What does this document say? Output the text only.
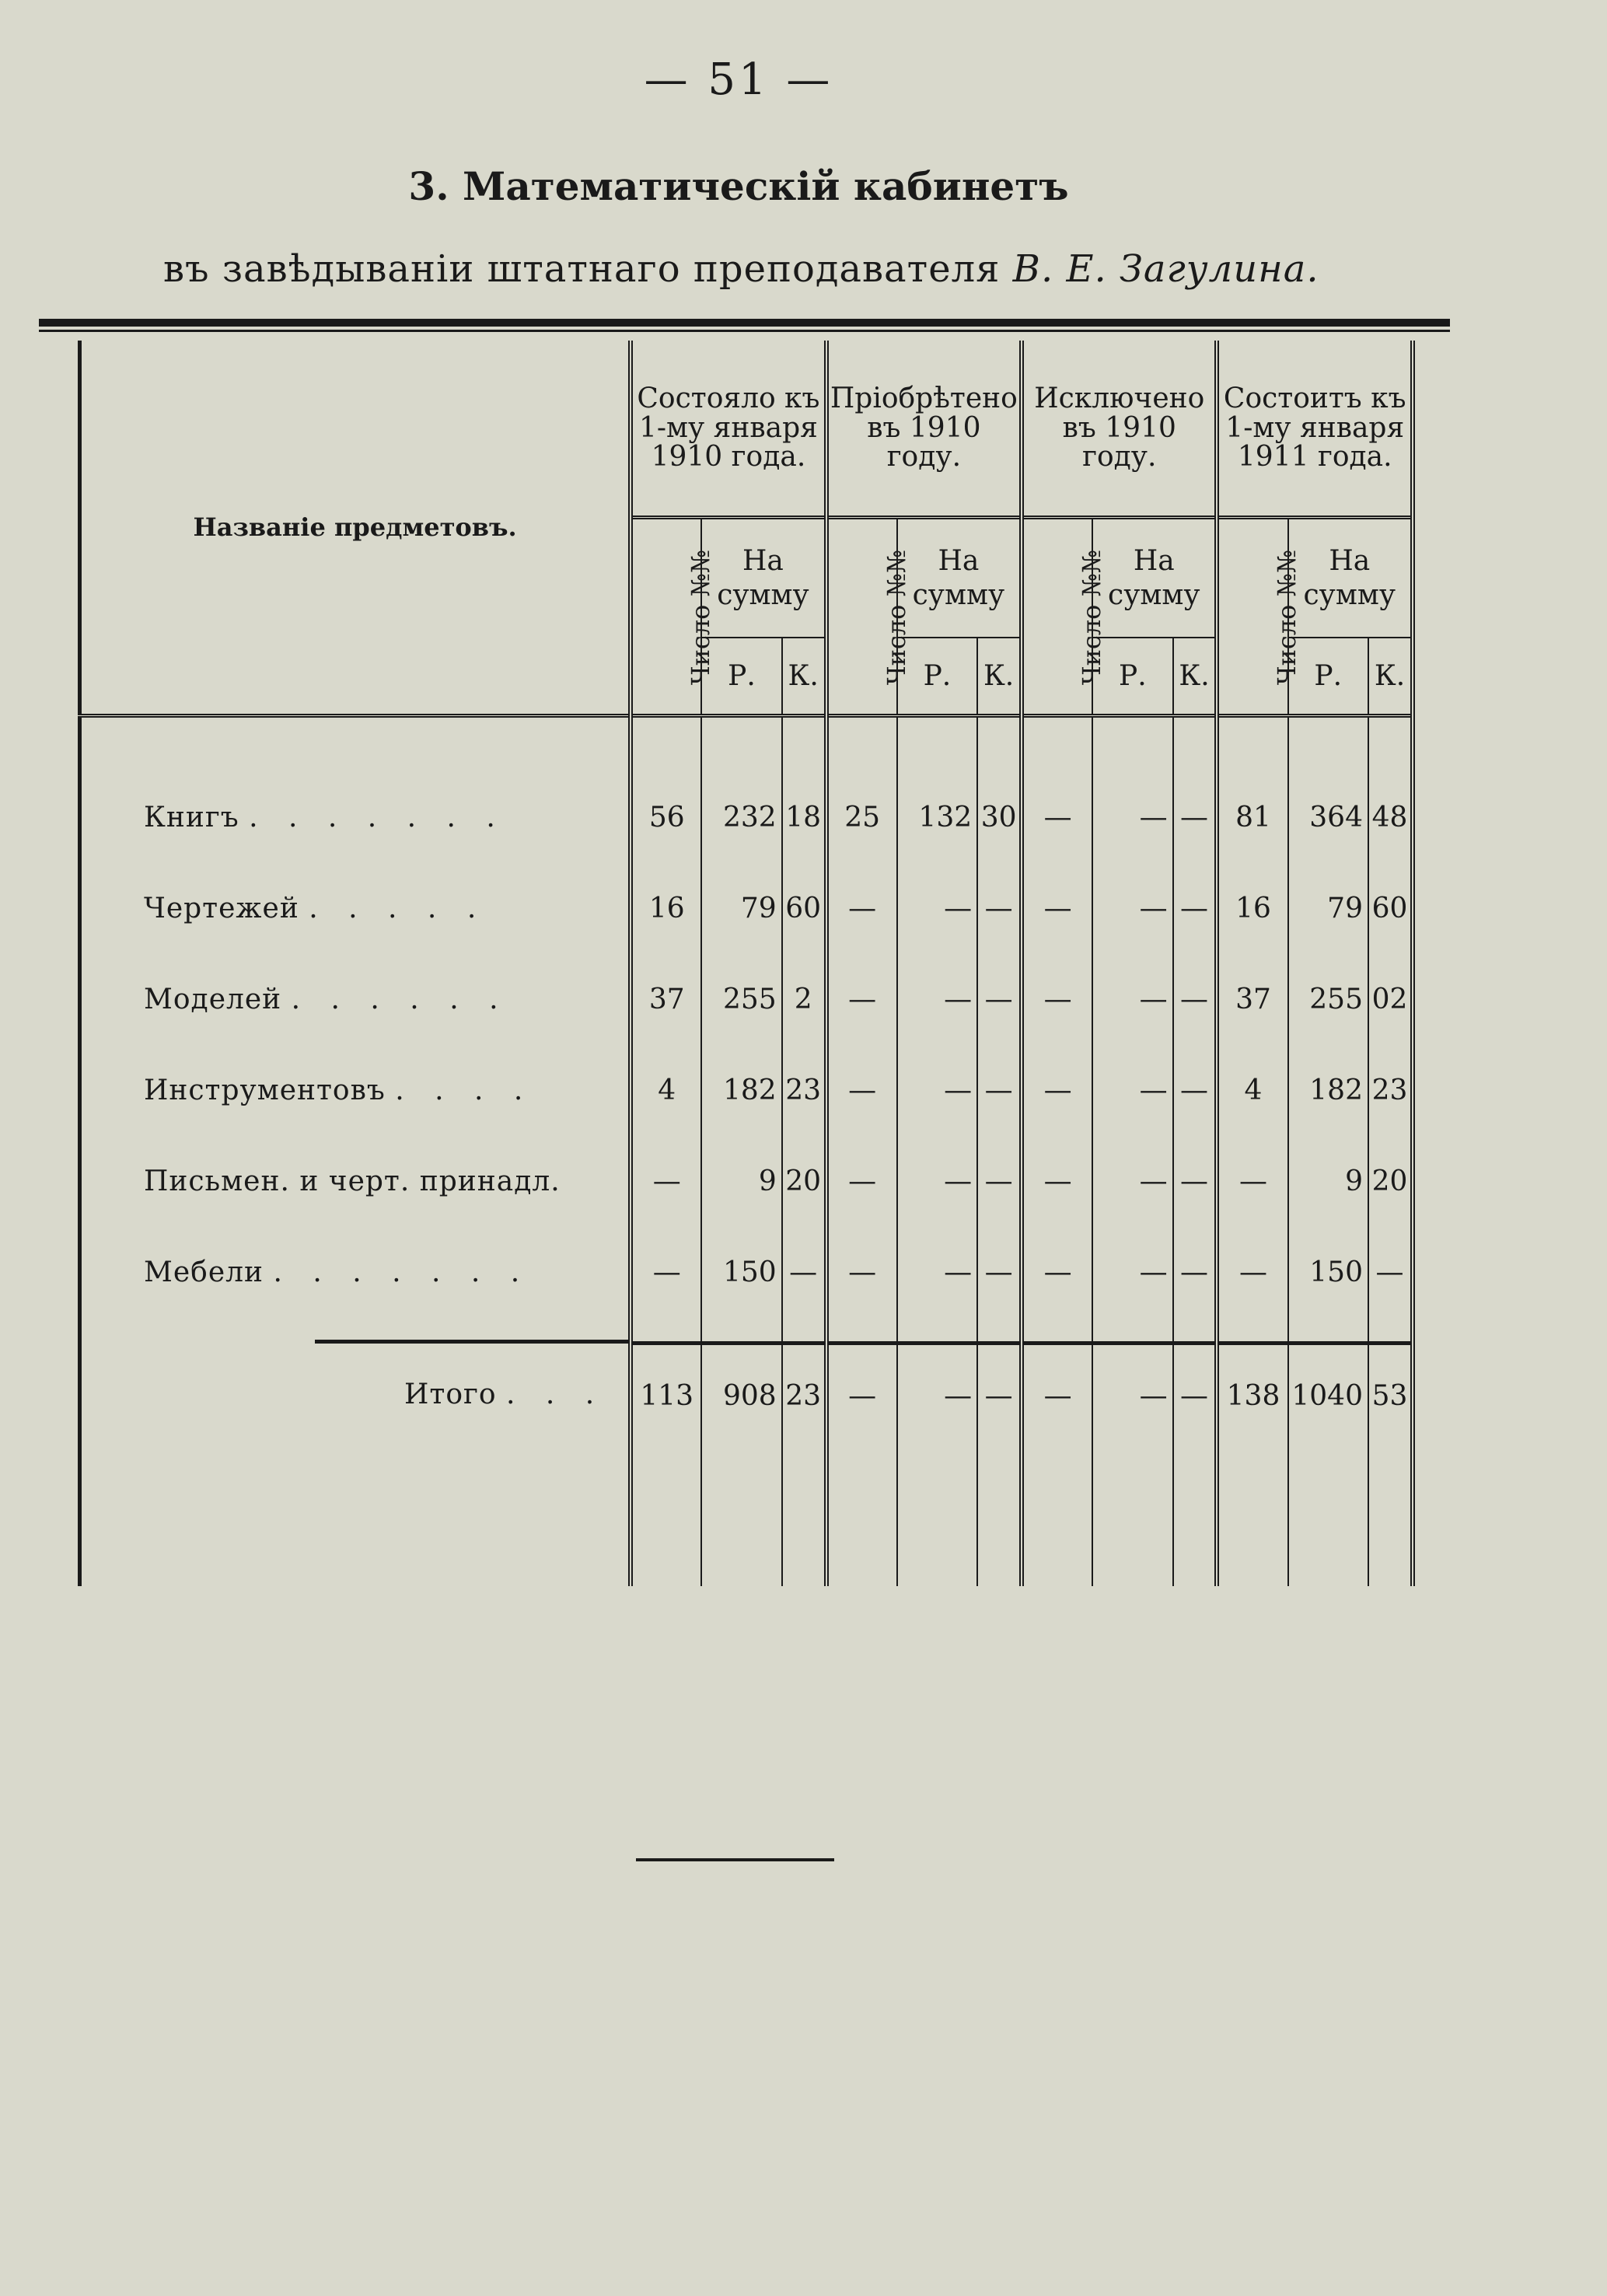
— 51 —
3. Математическій кабинетъ
въ завѣдываніи штатнаго преподавателя В. Е. Загулина.
Названіе предметовъ.	Состояло къ 1-му января 1910 года.			Пріобрѣтено въ 1910 году.			Исключено въ 1910 году.			Состоитъ къ 1-му января 1911 года.		
	Число №№	На сумму		Число №№	На сумму		Число №№	На сумму		Число №№	На сумму	
		Р.	К.		Р.	К.		Р.	К.		Р.	К.

Книгъ . . . . . . .	56	232	18	25	132	30	—	—	—	81	364	48
Чертежей . . . . .	16	79	60	—	—	—	—	—	—	16	79	60
Моделей . . . . . .	37	255	2	—	—	—	—	—	—	37	255	02
Инструментовъ . . . .	4	182	23	—	—	—	—	—	—	4	182	23
Письмен. и черт. принадл.	—	9	20	—	—	—	—	—	—	—	9	20
Мебели . . . . . . .	—	150	—	—	—	—	—	—	—	—	150	—

Итого . . .	113	908	23	—	—	—	—	—	—	138	1040	53
